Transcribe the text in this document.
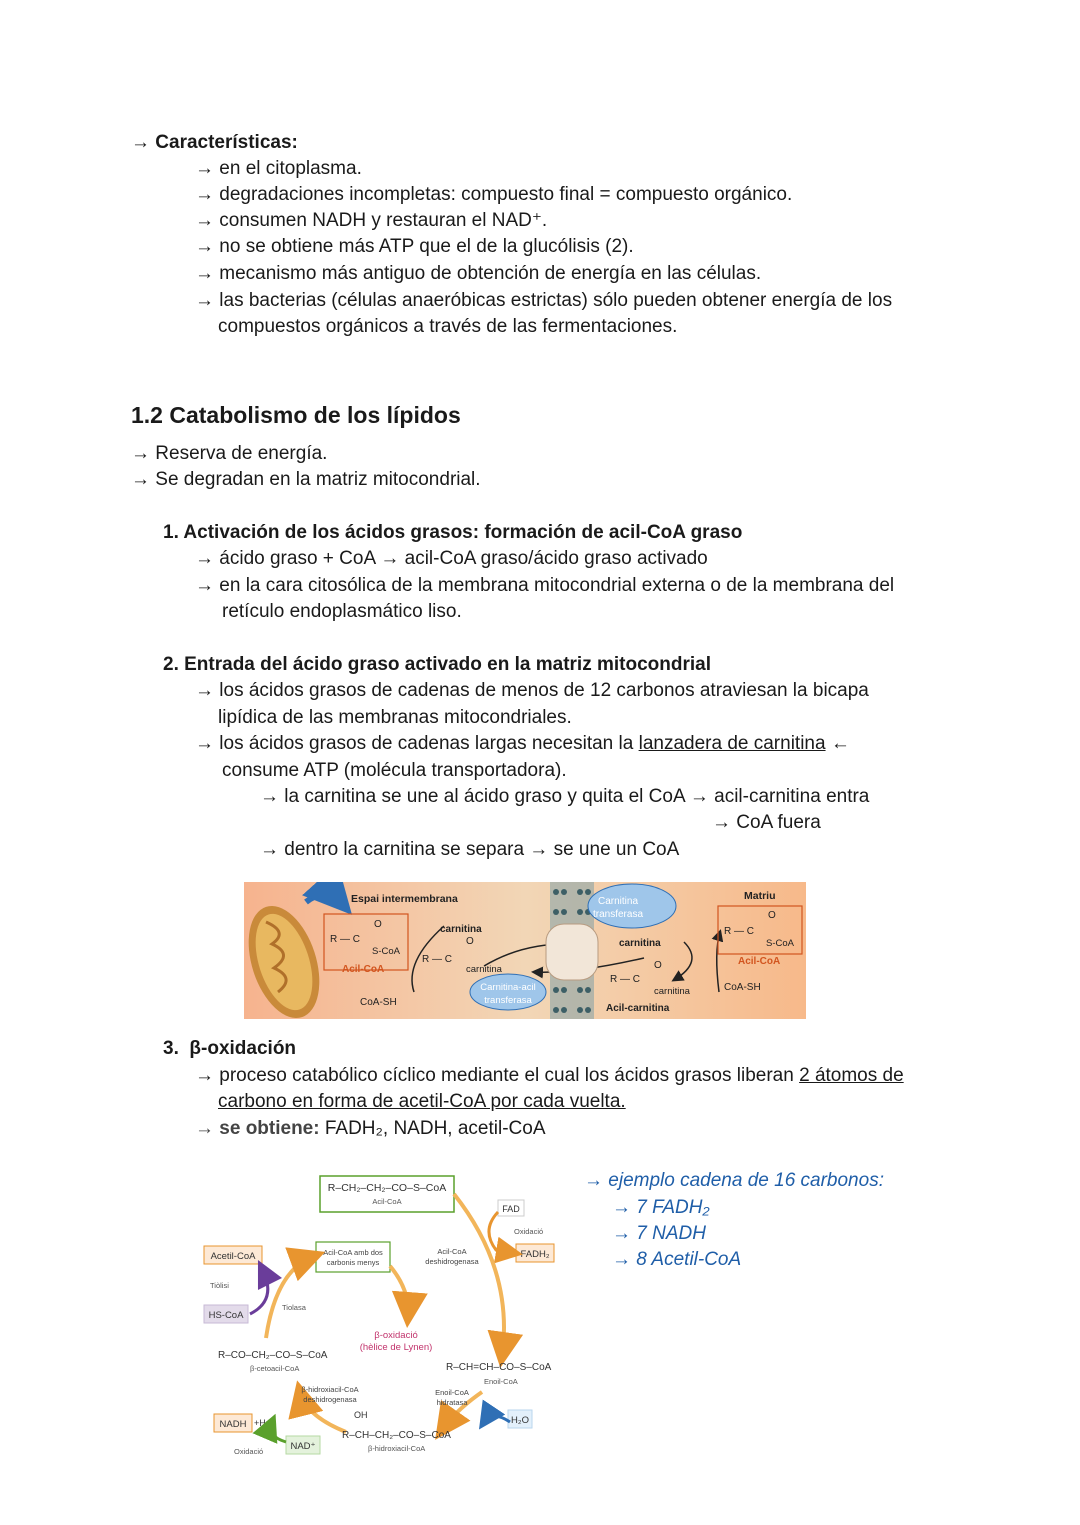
→ Características:
→ en el citoplasma.
→ degradaciones incompletas: compuesto final = compuesto orgánico.
→ consumen NADH y restauran el NAD⁺.
→ no se obtiene más ATP que el de la glucólisis (2).
→ mecanismo más antiguo de obtención de energía en las células.
→ las bacterias (células anaeróbicas estrictas) sólo pueden obtener energía de los
compuestos orgánicos a través de las fermentaciones.
1.2 Catabolismo de los lípidos
→ Reserva de energía.
→ Se degradan en la matriz mitocondrial.
1. Activación de los ácidos grasos: formación de acil-CoA graso
→ ácido graso + CoA → acil-CoA graso/ácido graso activado
→ en la cara citosólica de la membrana mitocondrial externa o de la membrana del
retículo endoplasmático liso.
2. Entrada del ácido graso activado en la matriz mitocondrial
→ los ácidos grasos de cadenas de menos de 12 carbonos atraviesan la bicapa
lipídica de las membranas mitocondriales.
→ los ácidos grasos de cadenas largas necesitan la lanzadera de carnitina ←
consume ATP (molécula transportadora).
→ la carnitina se une al ácido graso y quita el CoA → acil-carnitina entra
→ CoA fuera
→ dentro la carnitina se separa → se une un CoA
Espai intermembrana	Matriu
R — C
O
S-CoA
Acil-CoA
CoA-SH
carnitina
O
R — C
carnitina
Carnitina-acil
transferasa
Carnitina
transferasa
carnitina
O
R — C
carnitina
Acil-carnitina
CoA-SH
R — C
O
S-CoA
Acil-CoA
3. β-oxidación
→ proceso catabólico cíclico mediante el cual los ácidos grasos liberan 2 átomos de
carbono en forma de acetil-CoA por cada vuelta.
→ se obtiene: FADH₂, NADH, acetil-CoA
R–CH₂–CH₂–CO–S–CoA
Acil-CoA
FAD
Oxidació
FADH₂
Acil-CoA
deshidrogenasa
Acil-CoA amb dos
carbonis menys
Acetil-CoA
Tiòlisi
HS-CoA
Tiolasa
β-oxidació
(hèlice de Lynen)
R–CO–CH₂–CO–S–CoA
β-cetoacil-CoA	R–CH=CH–CO–S–CoA
Enoil-CoA
β-hidroxiacil-CoA
deshidrogenasa
Enoil-CoA
hidratasa
H₂O
OH
R–CH–CH₂–CO–S–CoA
β-hidroxiacil-CoA
NADH +H⁺
NAD⁺
Oxidació
→ ejemplo cadena de 16 carbonos:
→ 7 FADH₂
→ 7 NADH
→ 8 Acetil-CoA
